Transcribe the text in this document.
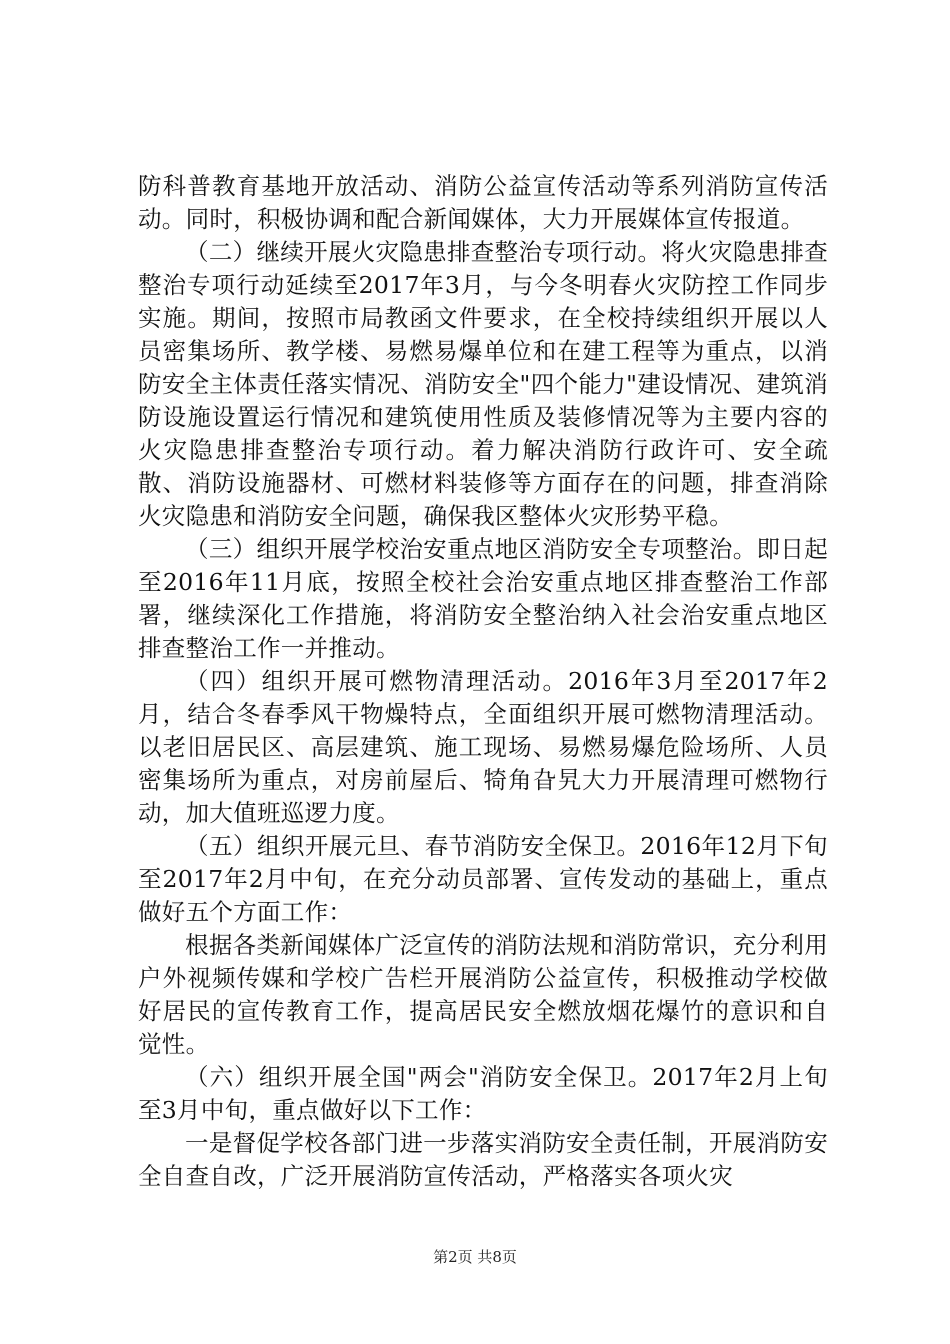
防科普教育基地开放活动、消防公益宣传活动等系列消防宣传活动。同时，积极协调和配合新闻媒体，大力开展媒体宣传报道。

（二）继续开展火灾隐患排查整治专项行动。将火灾隐患排查整治专项行动延续至2017年3月，与今冬明春火灾防控工作同步实施。期间，按照市局教函文件要求，在全校持续组织开展以人员密集场所、教学楼、易燃易爆单位和在建工程等为重点，以消防安全主体责任落实情况、消防安全"四个能力"建设情况、建筑消防设施设置运行情况和建筑使用性质及装修情况等为主要内容的火灾隐患排查整治专项行动。着力解决消防行政许可、安全疏散、消防设施器材、可燃材料装修等方面存在的问题，排查消除火灾隐患和消防安全问题，确保我区整体火灾形势平稳。

（三）组织开展学校治安重点地区消防安全专项整治。即日起至2016年11月底，按照全校社会治安重点地区排查整治工作部署，继续深化工作措施，将消防安全整治纳入社会治安重点地区排查整治工作一并推动。

（四）组织开展可燃物清理活动。2016年3月至2017年2月，结合冬春季风干物燥特点，全面组织开展可燃物清理活动。以老旧居民区、高层建筑、施工现场、易燃易爆危险场所、人员密集场所为重点，对房前屋后、犄角旮旯大力开展清理可燃物行动，加大值班巡逻力度。

（五）组织开展元旦、春节消防安全保卫。2016年12月下旬至2017年2月中旬，在充分动员部署、宣传发动的基础上，重点做好五个方面工作：

根据各类新闻媒体广泛宣传的消防法规和消防常识，充分利用户外视频传媒和学校广告栏开展消防公益宣传，积极推动学校做好居民的宣传教育工作，提高居民安全燃放烟花爆竹的意识和自觉性。

（六）组织开展全国"两会"消防安全保卫。2017年2月上旬至3月中旬，重点做好以下工作：

一是督促学校各部门进一步落实消防安全责任制，开展消防安全自查自改，广泛开展消防宣传活动，严格落实各项火灾

第2页 共8页
